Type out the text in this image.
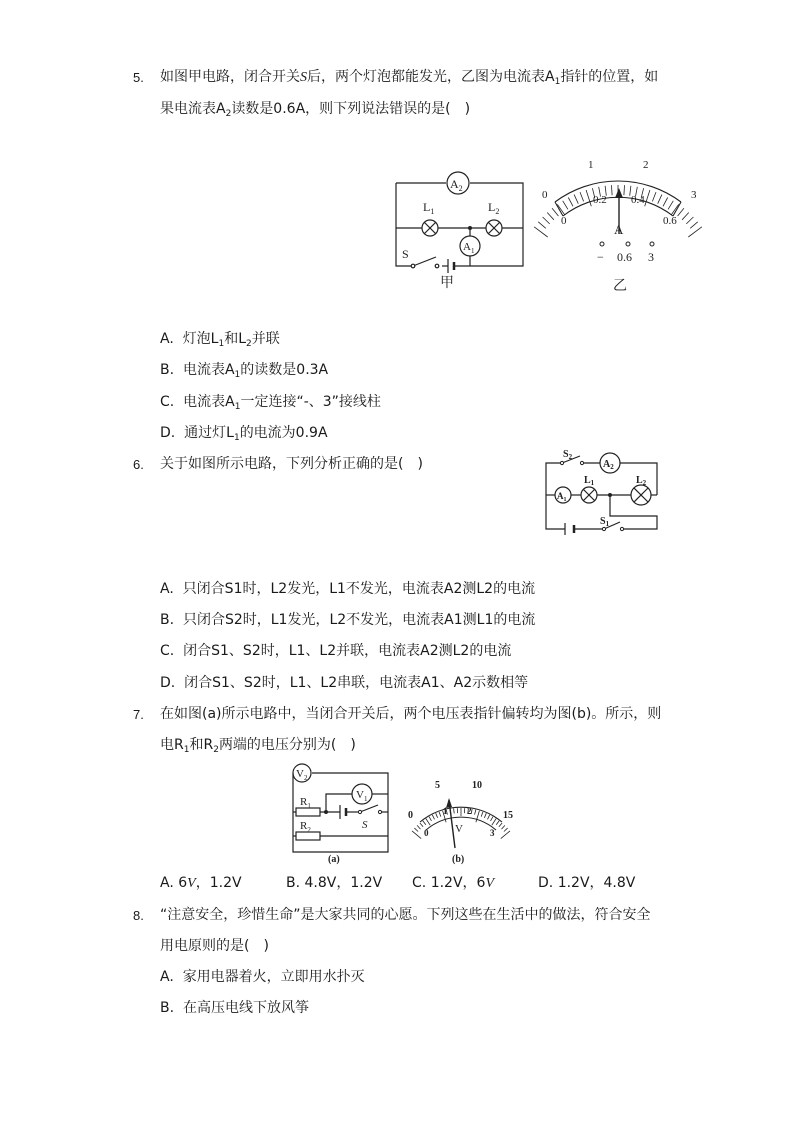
5. 如图甲电路，闭合开关S后，两个灯泡都能发光，乙图为电流表$A_1$指针的位置，如
果电流表$A_2$读数是0.6A，则下列说法错误的是(　)
$A_2$
$L_1$	$L_2$
$A_1$
S
甲
0
1	2
3
0
0.2 0.4
0.6
A
− 0.6 3
乙
A. 灯泡$L_1$和$L_2$并联
B. 电流表$A_1$的读数是0.3A
C. 电流表$A_1$一定连接“-、3”接线柱
D. 通过灯$L_1$的电流为0.9A
6. 关于如图所示电路，下列分析正确的是(　)
$S_2$
$A_2$
$A_1$
$L_1$	$L_2$
$S_1$
A. 只闭合S1时，L2发光，L1不发光，电流表A2测L2的电流
B. 只闭合S2时，L1发光，L2不发光，电流表A1测L1的电流
C. 闭合S1、S2时，L1、L2并联，电流表A2测L2的电流
D. 闭合S1、S2时，L1、L2串联，电流表A1、A2示数相等
7. 在如图(a)所示电路中，当闭合开关后，两个电压表指针偏转均为图(b)。所示，则
电$R_1$和$R_2$两端的电压分别为(　)
$V_2$
$V_1$
$R_1$
$R_2$	S
(a)
0
5	10
15
0
1 2
3
V
(b)
A. 6V，1.2V	B. 4.8V，1.2V C. 1.2V，6V	D. 1.2V，4.8V
8. “注意安全，珍惜生命”是大家共同的心愿。下列这些在生活中的做法，符合安全
用电原则的是(　)
A. 家用电器着火，立即用水扑灭
B. 在高压电线下放风筝
